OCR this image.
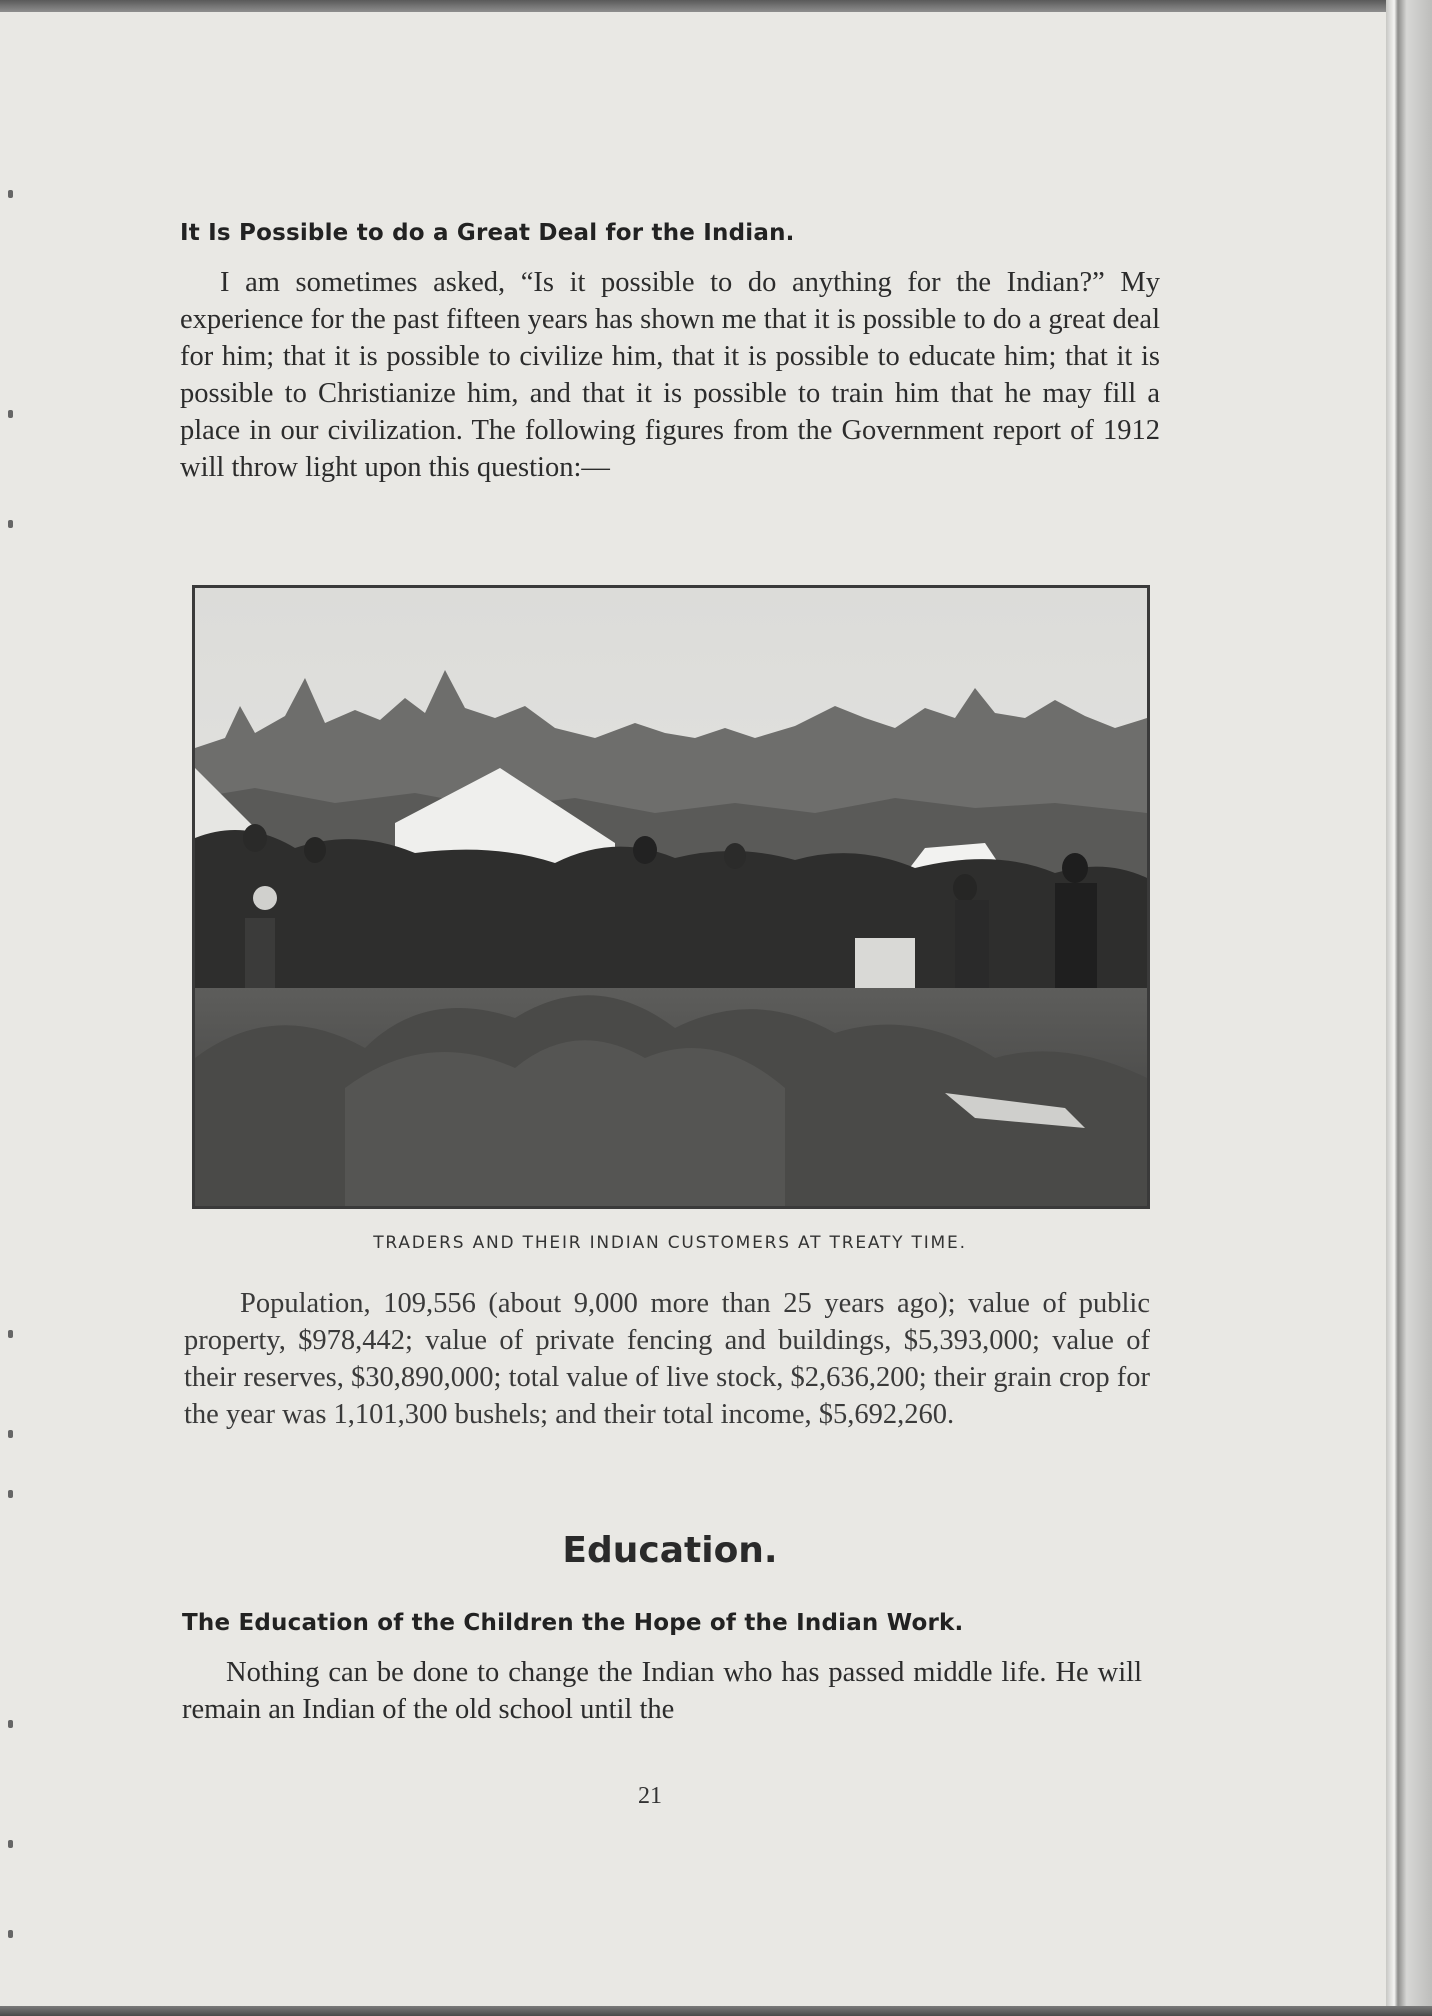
It Is Possible to do a Great Deal for the Indian.

I am sometimes asked, “Is it possible to do anything for the Indian?” My experience for the past fifteen years has shown me that it is possible to do a great deal for him; that it is possible to civilize him, that it is possible to educate him; that it is possible to Christianize him, and that it is possible to train him that he may fill a place in our civilization. The following figures from the Government report of 1912 will throw light upon this question:—

TRADERS AND THEIR INDIAN CUSTOMERS AT TREATY TIME.

Population, 109,556 (about 9,000 more than 25 years ago); value of public property, $978,442; value of private fencing and buildings, $5,393,000; value of their reserves, $30,890,000; total value of live stock, $2,636,200; their grain crop for the year was 1,101,300 bushels; and their total income, $5,692,260.

Education.
The Education of the Children the Hope of the Indian Work.

Nothing can be done to change the Indian who has passed middle life. He will remain an Indian of the old school until the

21
